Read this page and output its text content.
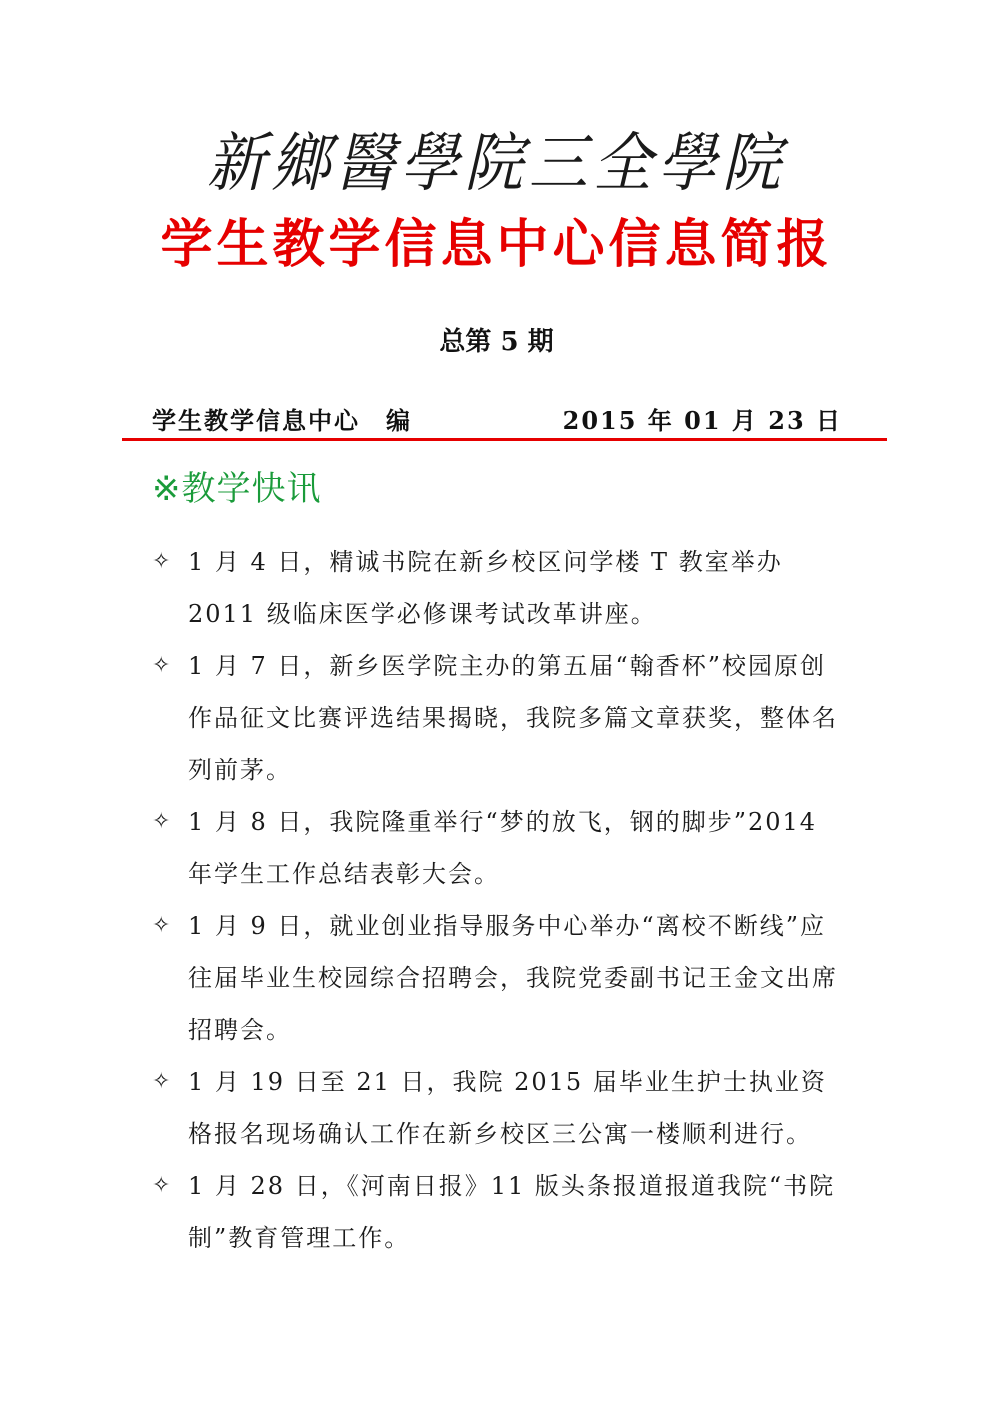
新鄉醫學院三全學院
学生教学信息中心信息简报
总第 5 期
学生教学信息中心　编	2015 年 01 月 23 日
※教学快讯
✧ 1 月 4 日，精诚书院在新乡校区问学楼 T 教室举办 2011 级临床医学必修课考试改革讲座。
✧ 1 月 7 日，新乡医学院主办的第五届“翰香杯”校园原创作品征文比赛评选结果揭晓，我院多篇文章获奖，整体名列前茅。
✧ 1 月 8 日，我院隆重举行“梦的放飞，钢的脚步”2014 年学生工作总结表彰大会。
✧ 1 月 9 日，就业创业指导服务中心举办“离校不断线”应往届毕业生校园综合招聘会，我院党委副书记王金文出席招聘会。
✧ 1 月 19 日至 21 日，我院 2015 届毕业生护士执业资格报名现场确认工作在新乡校区三公寓一楼顺利进行。
✧ 1 月 28 日，《河南日报》11 版头条报道报道我院“书院制”教育管理工作。
